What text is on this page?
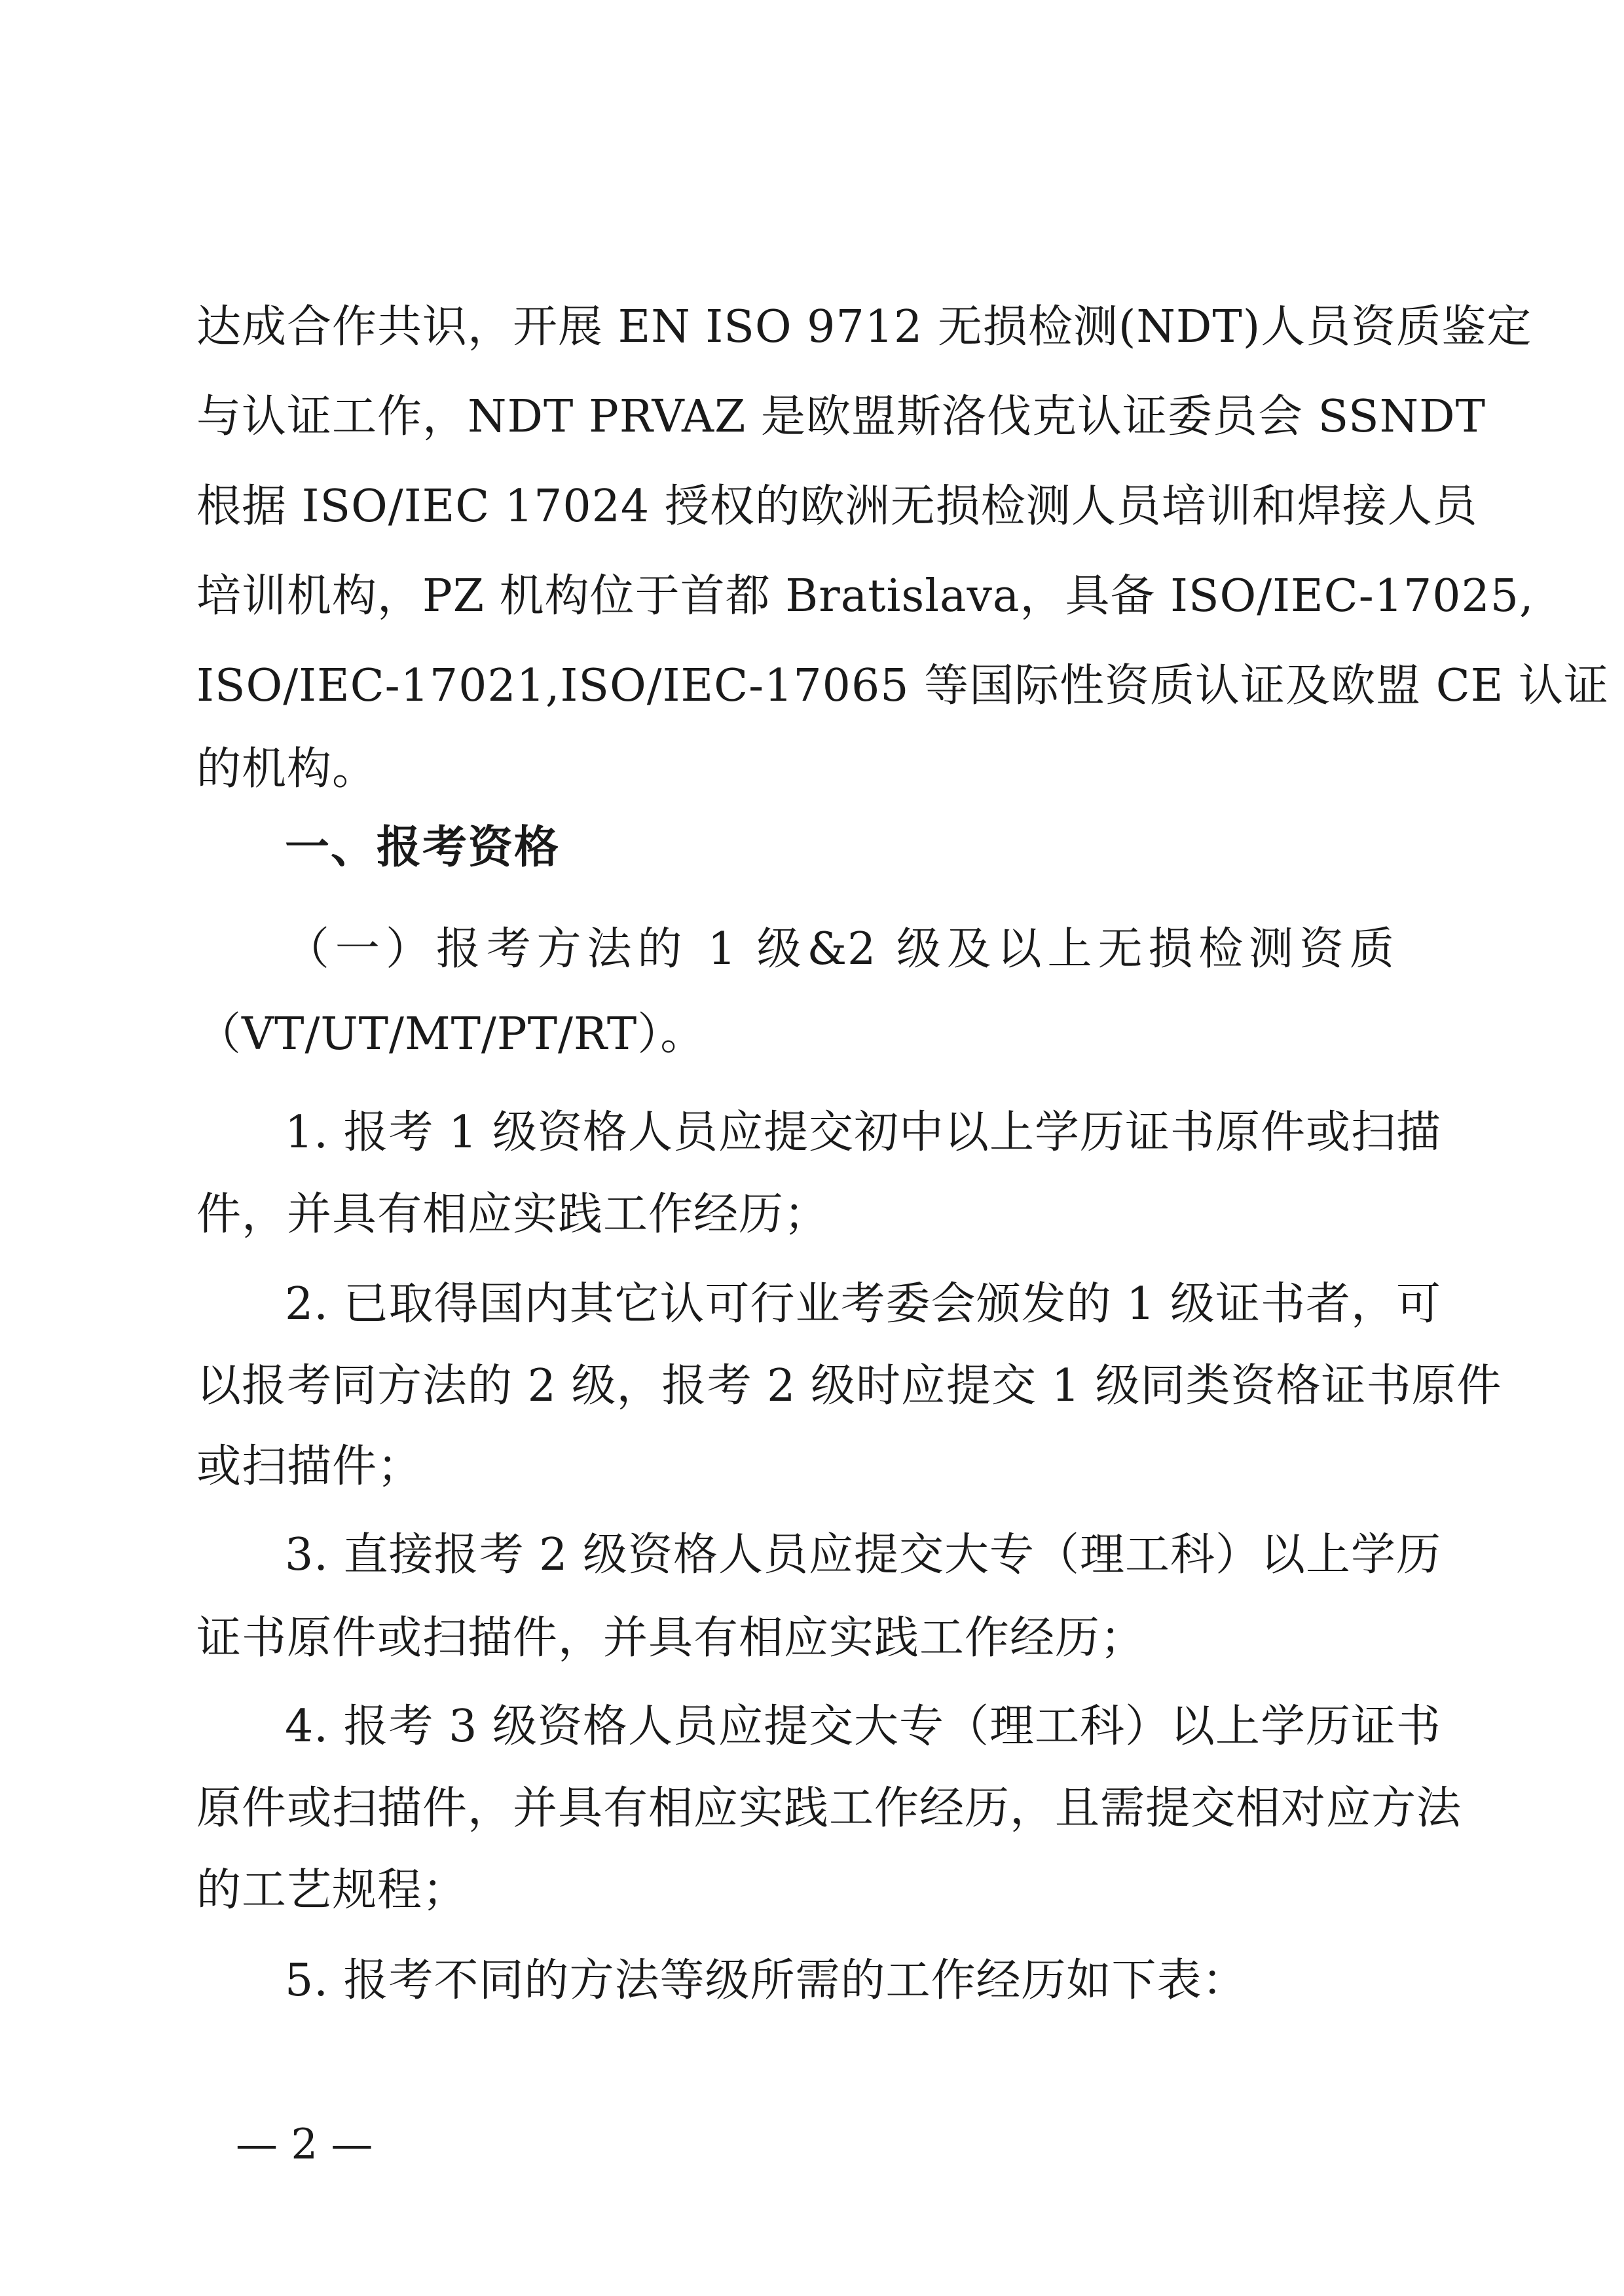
达成合作共识，开展 EN ISO 9712 无损检测(NDT)人员资质鉴定
与认证工作，NDT PRVAZ 是欧盟斯洛伐克认证委员会 SSNDT
根据 ISO/IEC 17024 授权的欧洲无损检测人员培训和焊接人员
培训机构，PZ 机构位于首都 Bratislava，具备 ISO/IEC-17025,
ISO/IEC-17021,ISO/IEC-17065 等国际性资质认证及欧盟 CE 认证
的机构。
一、报考资格
（一）报考方法的 1 级&2 级及以上无损检测资质
（VT/UT/MT/PT/RT）。
1. 报考 1 级资格人员应提交初中以上学历证书原件或扫描
件，并具有相应实践工作经历；
2. 已取得国内其它认可行业考委会颁发的 1 级证书者，可
以报考同方法的 2 级，报考 2 级时应提交 1 级同类资格证书原件
或扫描件；
3. 直接报考 2 级资格人员应提交大专（理工科）以上学历
证书原件或扫描件，并具有相应实践工作经历；
4. 报考 3 级资格人员应提交大专（理工科）以上学历证书
原件或扫描件，并具有相应实践工作经历，且需提交相对应方法
的工艺规程；
5. 报考不同的方法等级所需的工作经历如下表：
— 2 —
